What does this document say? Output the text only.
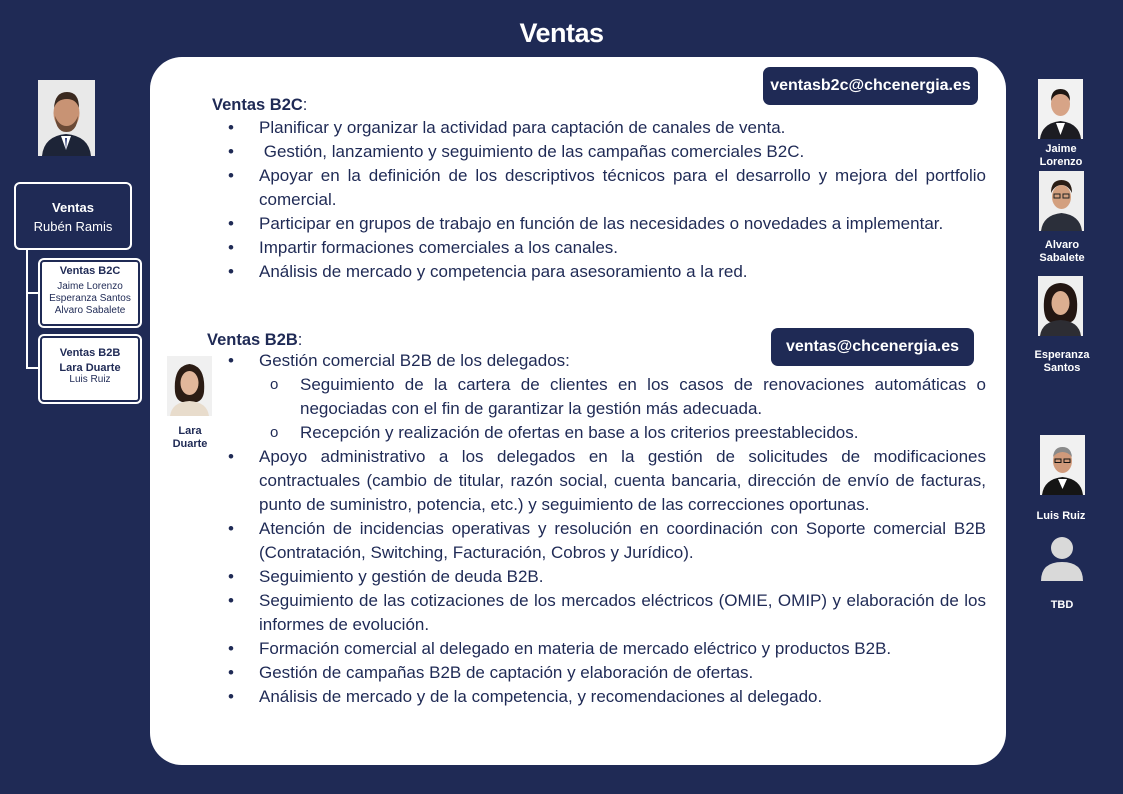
Ventas
Ventas
Rubén Ramis
Ventas B2C
Jaime Lorenzo
Esperanza Santos
Alvaro Sabalete
Ventas B2B
Lara Duarte
Luis Ruiz
ventasb2c@chcenergia.es
ventas@chcenergia.es
Ventas B2C:
• Planificar y organizar la actividad para captación de canales de venta.
• Gestión, lanzamiento y seguimiento de las campañas comerciales B2C.
• Apoyar en la definición de los descriptivos técnicos para el desarrollo y mejora del portfolio comercial.
• Participar en grupos de trabajo en función de las necesidades o novedades a implementar.
• Impartir formaciones comerciales a los canales.
• Análisis de mercado y competencia para asesoramiento a la red.
Ventas B2B:
• Gestión comercial B2B de los delegados:
o Seguimiento de la cartera de clientes en los casos de renovaciones automáticas o negociadas con el fin de garantizar la gestión más adecuada.
o Recepción y realización de ofertas en base a los criterios preestablecidos.
• Apoyo administrativo a los delegados en la gestión de solicitudes de modificaciones contractuales (cambio de titular, razón social, cuenta bancaria, dirección de envío de facturas, punto de suministro, potencia, etc.) y seguimiento de las correcciones oportunas.
• Atención de incidencias operativas y resolución en coordinación con Soporte comercial B2B (Contratación, Switching, Facturación, Cobros y Jurídico).
• Seguimiento y gestión de deuda B2B.
• Seguimiento de las cotizaciones de los mercados eléctricos (OMIE, OMIP) y elaboración de los informes de evolución.
• Formación comercial al delegado en materia de mercado eléctrico y productos B2B.
• Gestión de campañas B2B de captación y elaboración de ofertas.
• Análisis de mercado y de la competencia, y recomendaciones al delegado.
Lara
Duarte
Jaime
Lorenzo
Alvaro
Sabalete
Esperanza
Santos
Luis Ruiz
TBD
